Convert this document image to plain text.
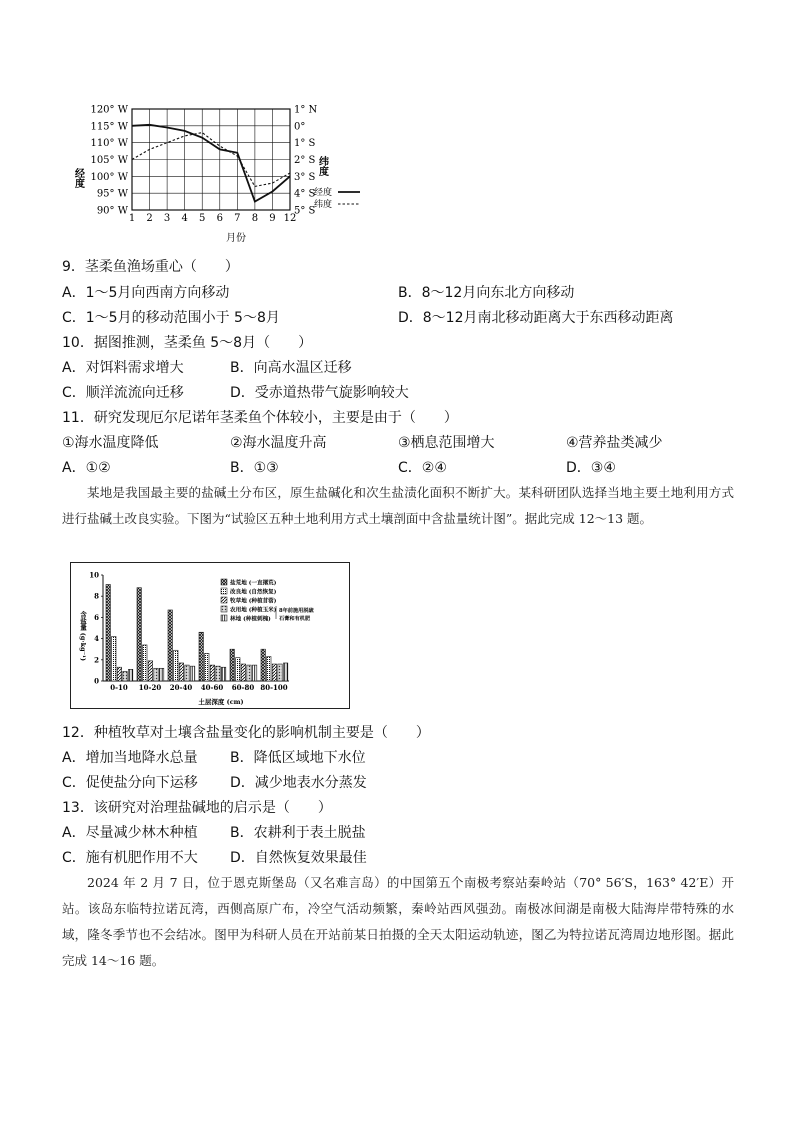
120° W
115° W
110° W
105° W
100° W
95° W
90° W
1° N
0°
1° S
2° S
3° S
4° S
5° S
1 2 3 4 5 6 7 8 9 12
经度
纬度
月份
经度
纬度
9．茎柔鱼渔场重心（　　）
A．1～5月向西南方向移动	B．8～12月向东北方向移动
C．1～5月的移动范围小于 5～8月	D．8～12月南北移动距离大于东西移动距离
10．据图推测，茎柔鱼 5～8月（　　）
A．对饵料需求增大	B．向高水温区迁移
C．顺洋流流向迁移	D．受赤道热带气旋影响较大
11．研究发现厄尔尼诺年茎柔鱼个体较小，主要是由于（　　）
①海水温度降低	②海水温度升高	③栖息范围增大	④营养盐类减少
A．①②	B．①③	C．②④	D．③④
某地是我国最主要的盐碱土分布区，原生盐碱化和次生盐渍化面积不断扩大。某科研团队选择当地主要土地利用方式进行盐碱土改良实验。下图为“试验区五种土地利用方式土壤剖面中含盐量统计图”。据此完成 12～13 题。
含盐量 (g·kg⁻¹)
0
2
4
6
8
10
0-10 10-20 20-40 40-60 60-80 80-100
盐荒地 (一直撂荒)
改良地 (自然恢复)
牧草地 (种植苜蓿)
农用地 (种植玉米)
林地 (种植刺槐)
8年前施用脱硫
石膏和有机肥
土层深度 (cm)
12．种植牧草对土壤含盐量变化的影响机制主要是（　　）
A．增加当地降水总量 B．降低区域地下水位
C．促使盐分向下运移 D．减少地表水分蒸发
13．该研究对治理盐碱地的启示是（　　）
A．尽量减少林木种植 B．农耕利于表土脱盐
C．施有机肥作用不大 D．自然恢复效果最佳
2024 年 2 月 7 日，位于恩克斯堡岛（又名难言岛）的中国第五个南极考察站秦岭站（70° 56′S，163° 42′E）开站。该岛东临特拉诺瓦湾，西侧高原广布，冷空气活动频繁，秦岭站西风强劲。南极冰间湖是南极大陆海岸带特殊的水域，隆冬季节也不会结冰。图甲为科研人员在开站前某日拍摄的全天太阳运动轨迹，图乙为特拉诺瓦湾周边地形图。据此完成 14～16 题。
